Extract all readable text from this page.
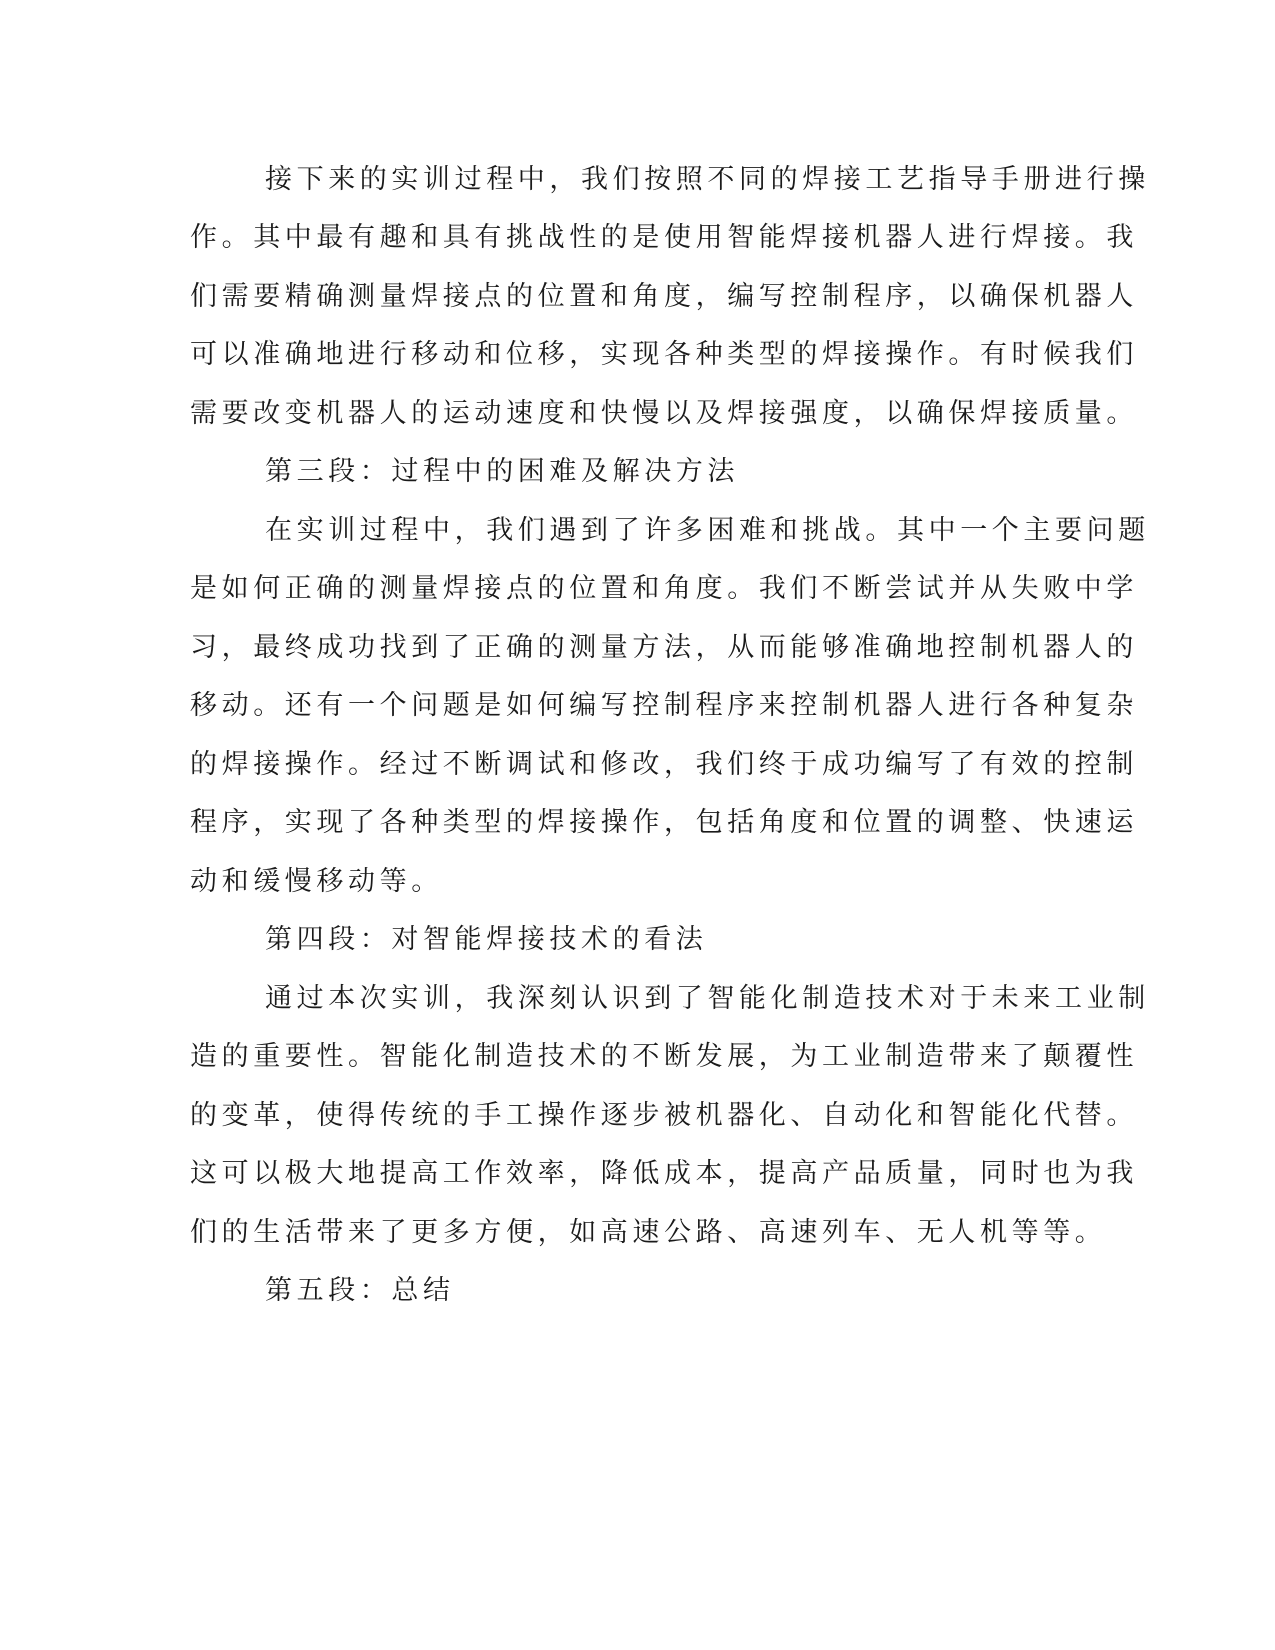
接下来的实训过程中，我们按照不同的焊接工艺指导手册进行操
作。其中最有趣和具有挑战性的是使用智能焊接机器人进行焊接。我
们需要精确测量焊接点的位置和角度，编写控制程序，以确保机器人
可以准确地进行移动和位移，实现各种类型的焊接操作。有时候我们
需要改变机器人的运动速度和快慢以及焊接强度，以确保焊接质量。
第三段：过程中的困难及解决方法
在实训过程中，我们遇到了许多困难和挑战。其中一个主要问题
是如何正确的测量焊接点的位置和角度。我们不断尝试并从失败中学
习，最终成功找到了正确的测量方法，从而能够准确地控制机器人的
移动。还有一个问题是如何编写控制程序来控制机器人进行各种复杂
的焊接操作。经过不断调试和修改，我们终于成功编写了有效的控制
程序，实现了各种类型的焊接操作，包括角度和位置的调整、快速运
动和缓慢移动等。
第四段：对智能焊接技术的看法
通过本次实训，我深刻认识到了智能化制造技术对于未来工业制
造的重要性。智能化制造技术的不断发展，为工业制造带来了颠覆性
的变革，使得传统的手工操作逐步被机器化、自动化和智能化代替。
这可以极大地提高工作效率，降低成本，提高产品质量，同时也为我
们的生活带来了更多方便，如高速公路、高速列车、无人机等等。
第五段：总结
